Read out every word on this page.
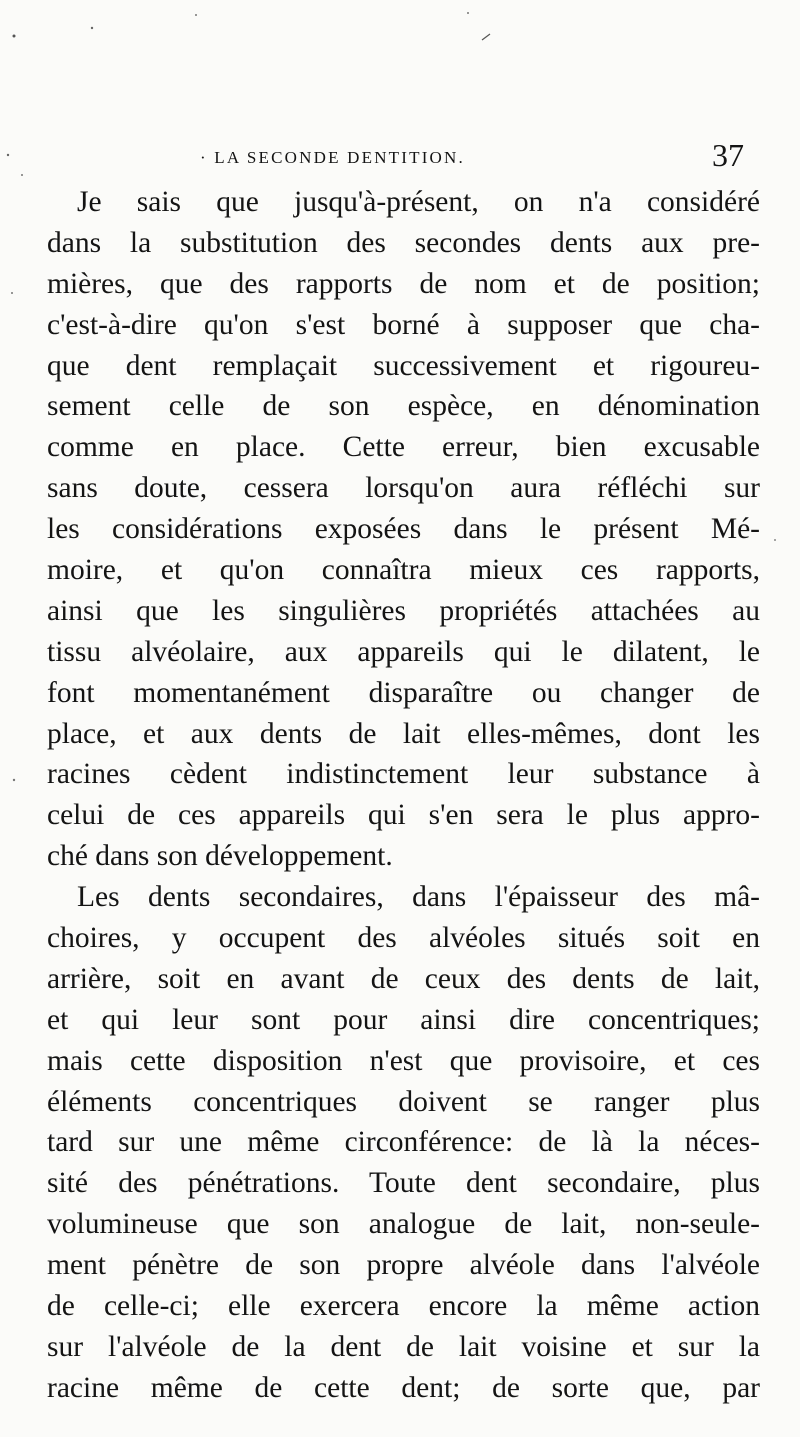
· LA SECONDE DENTITION.	37
Je sais que jusqu'à-présent, on n'a considéré
dans la substitution des secondes dents aux pre-
mières, que des rapports de nom et de position;
c'est-à-dire qu'on s'est borné à supposer que cha-
que dent remplaçait successivement et rigoureu-
sement celle de son espèce, en dénomination
comme en place. Cette erreur, bien excusable
sans doute, cessera lorsqu'on aura réfléchi sur
les considérations exposées dans le présent Mé-
moire, et qu'on connaîtra mieux ces rapports,
ainsi que les singulières propriétés attachées au
tissu alvéolaire, aux appareils qui le dilatent, le
font momentanément disparaître ou changer de
place, et aux dents de lait elles-mêmes, dont les
racines cèdent indistinctement leur substance à
celui de ces appareils qui s'en sera le plus appro-
ché dans son développement.
Les dents secondaires, dans l'épaisseur des mâ-
choires, y occupent des alvéoles situés soit en
arrière, soit en avant de ceux des dents de lait,
et qui leur sont pour ainsi dire concentriques;
mais cette disposition n'est que provisoire, et ces
éléments concentriques doivent se ranger plus
tard sur une même circonférence: de là la néces-
sité des pénétrations. Toute dent secondaire, plus
volumineuse que son analogue de lait, non-seule-
ment pénètre de son propre alvéole dans l'alvéole
de celle-ci; elle exercera encore la même action
sur l'alvéole de la dent de lait voisine et sur la
racine même de cette dent; de sorte que, par
